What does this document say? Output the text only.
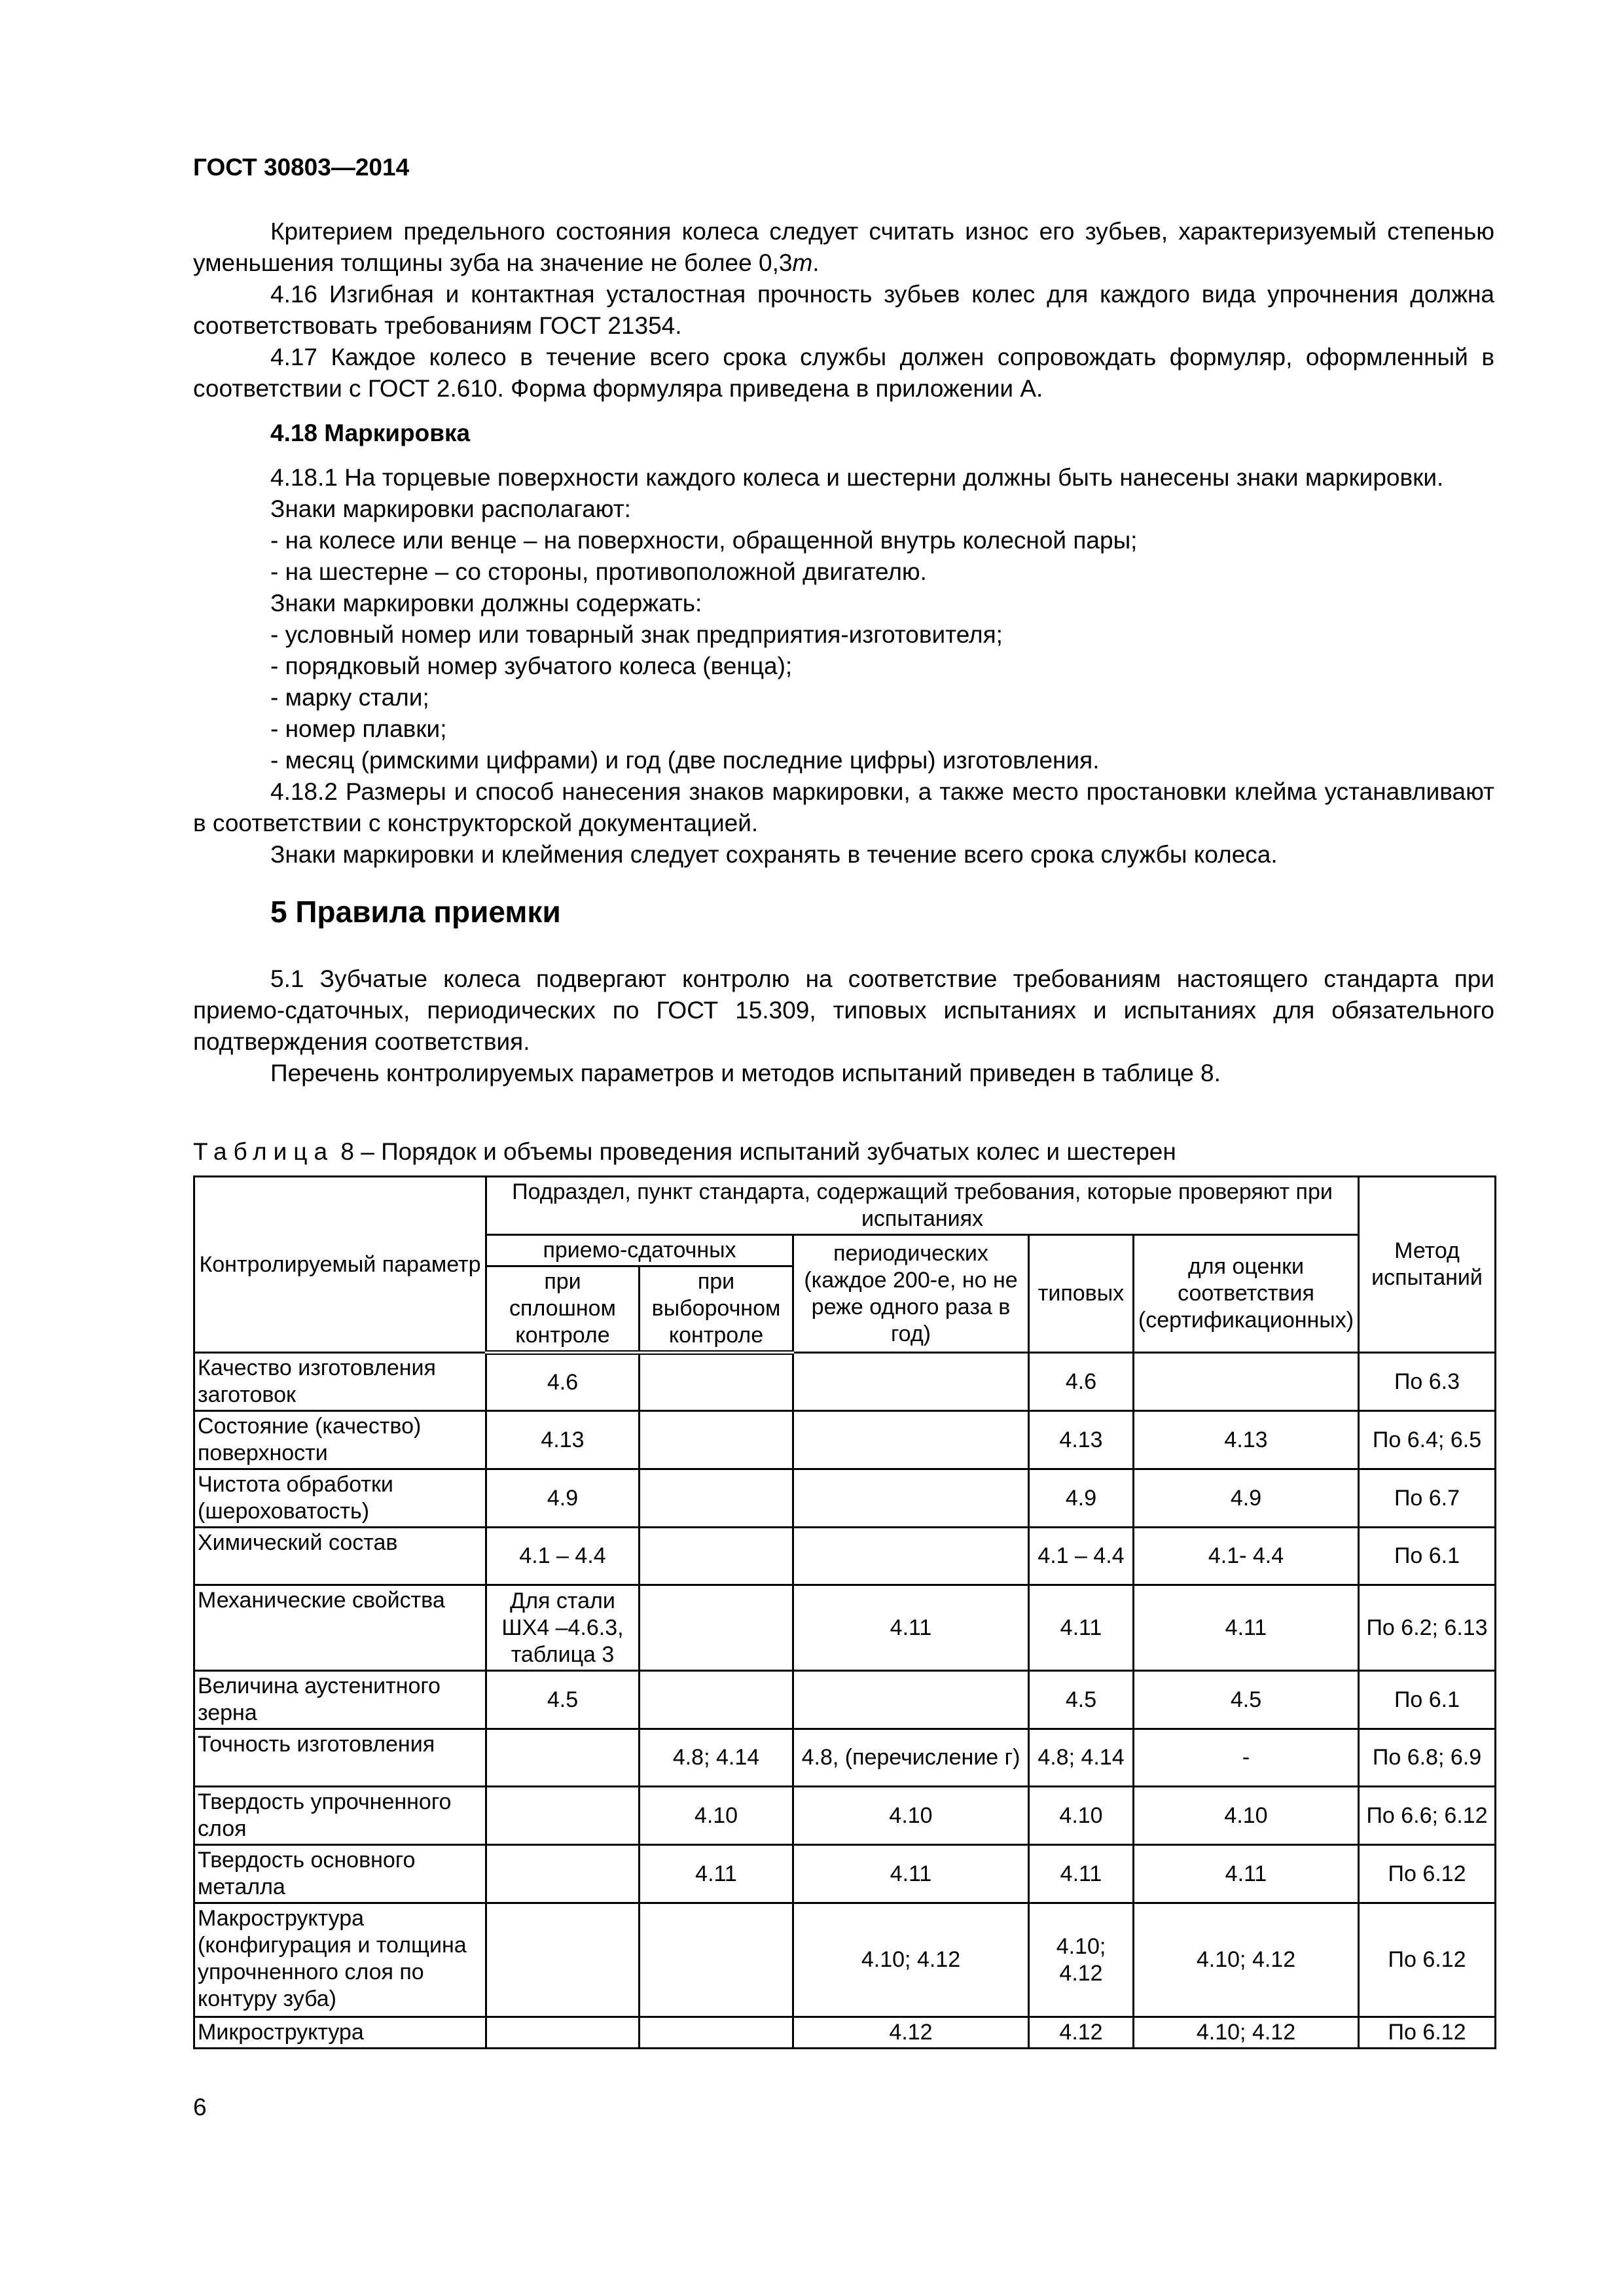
ГОСТ 30803—2014

Критерием предельного состояния колеса следует считать износ его зубьев, характеризуемый степенью уменьшения толщины зуба на значение не более 0,3m.

4.16 Изгибная и контактная усталостная прочность зубьев колес для каждого вида упрочнения должна соответствовать требованиям ГОСТ 21354.

4.17 Каждое колесо в течение всего срока службы должен сопровождать формуляр, оформленный в соответствии с ГОСТ 2.610. Форма формуляра приведена в приложении А.

4.18 Маркировка

4.18.1 На торцевые поверхности каждого колеса и шестерни должны быть нанесены знаки маркировки.

Знаки маркировки располагают:

- на колесе или венце – на поверхности, обращенной внутрь колесной пары;

- на шестерне – со стороны, противоположной двигателю.

Знаки маркировки должны содержать:

- условный номер или товарный знак предприятия-изготовителя;

- порядковый номер зубчатого колеса (венца);

- марку стали;

- номер плавки;

- месяц (римскими цифрами) и год (две последние цифры) изготовления.

4.18.2 Размеры и способ нанесения знаков маркировки, а также место простановки клейма устанавливают в соответствии с конструкторской документацией.

Знаки маркировки и клеймения следует сохранять в течение всего срока службы колеса.

5 Правила приемки

5.1 Зубчатые колеса подвергают контролю на соответствие требованиям настоящего стандарта при приемо-сдаточных, периодических по ГОСТ 15.309, типовых испытаниях и испытаниях для обязательного подтверждения соответствия.

Перечень контролируемых параметров и методов испытаний приведен в таблице 8.

Таблица 8 – Порядок и объемы проведения испытаний зубчатых колес и шестерен
Контролируемый параметр	Подраздел, пункт стандарта, содержащий требования, которые проверяют при испытаниях					Метод испытаний
	приемо-сдаточных		периодических (каждое 200-е, но не реже одного раза в год)	типовых	для оценки соответствия (сертификационных)	
	при сплошном контроле	при выборочном контроле				
Качество изготовления заготовок	4.6			4.6		По 6.3
Состояние (качество) поверхности	4.13			4.13	4.13	По 6.4; 6.5
Чистота обработки (шероховатость)	4.9			4.9	4.9	По 6.7
Химический состав	4.1 – 4.4			4.1 – 4.4	4.1- 4.4	По 6.1
Механические свойства	Для стали ШХ4 –4.6.3, таблица 3		4.11	4.11	4.11	По 6.2; 6.13
Величина аустенитного зерна	4.5			4.5	4.5	По 6.1
Точность изготовления		4.8; 4.14	4.8, (перечисление г)	4.8; 4.14	-	По 6.8; 6.9
Твердость упрочненного слоя		4.10	4.10	4.10	4.10	По 6.6; 6.12
Твердость основного металла		4.11	4.11	4.11	4.11	По 6.12
Макроструктура (конфигурация и толщина упрочненного слоя по контуру зуба)			4.10; 4.12	4.10; 4.12	4.10; 4.12	По 6.12
Микроструктура			4.12	4.12	4.10; 4.12	По 6.12
6
